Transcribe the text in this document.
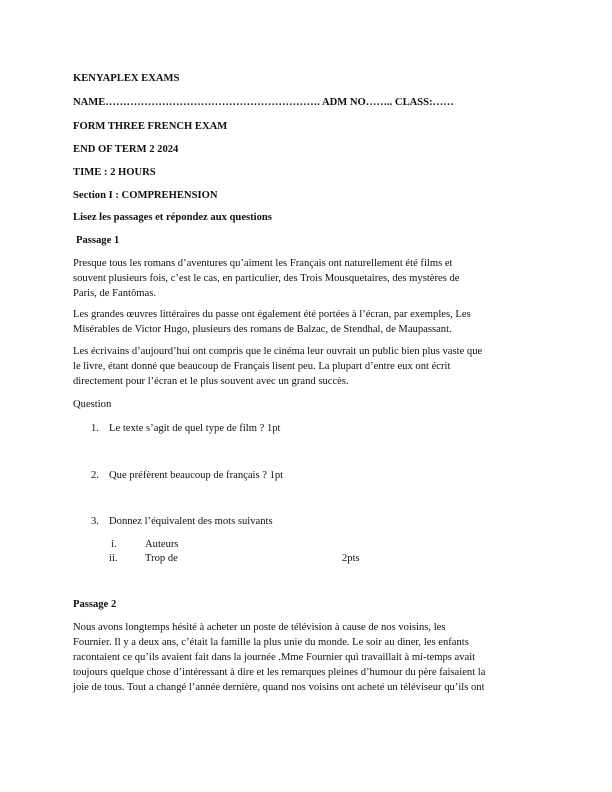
KENYAPLEX EXAMS
NAME……………………………………………………. ADM NO…….. CLASS:……
FORM THREE FRENCH EXAM
END OF TERM 2 2024
TIME : 2 HOURS
Section I : COMPREHENSION
Lisez les passages et répondez aux questions
Passage 1
Presque tous les romans d’aventures qu’aiment les Français ont naturellement été films et
souvent plusieurs fois, c’est le cas, en particulier, des Trois Mousquetaires, des mystères de
Paris, de Fantômas.
Les grandes œuvres littéraires du passe ont également été portées à l’écran, par exemples, Les
Misérables de Victor Hugo, plusieurs des romans de Balzac, de Stendhal, de Maupassant.
Les écrivains d’aujourd’hui ont compris que le cinéma leur ouvrait un public bien plus vaste que
le livre, étant donné que beaucoup de Français lisent peu. La plupart d’entre eux ont écrit
directement pour l’écran et le plus souvent avec un grand succès.
Question
1. Le texte s’agit de quel type de film ? 1pt
2. Que préfèrent beaucoup de français ? 1pt
3. Donnez l’équivalent des mots suivants
i.	Auteurs
ii.	Trop de	2pts
Passage 2
Nous avons longtemps hésité à acheter un poste de télévision à cause de nos voisins, les
Fournier. Il y a deux ans, c’était la famille la plus unie du monde. Le soir au diner, les enfants
racontaient ce qu’ils avaient fait dans la journée .Mme Fournier qui travaillait à mi-temps avait
toujours quelque chose d’intéressant à dire et les remarques pleines d’humour du père faisaient la
joie de tous. Tout a changé l’année dernière, quand nos voisins ont acheté un téléviseur qu’ils ont
